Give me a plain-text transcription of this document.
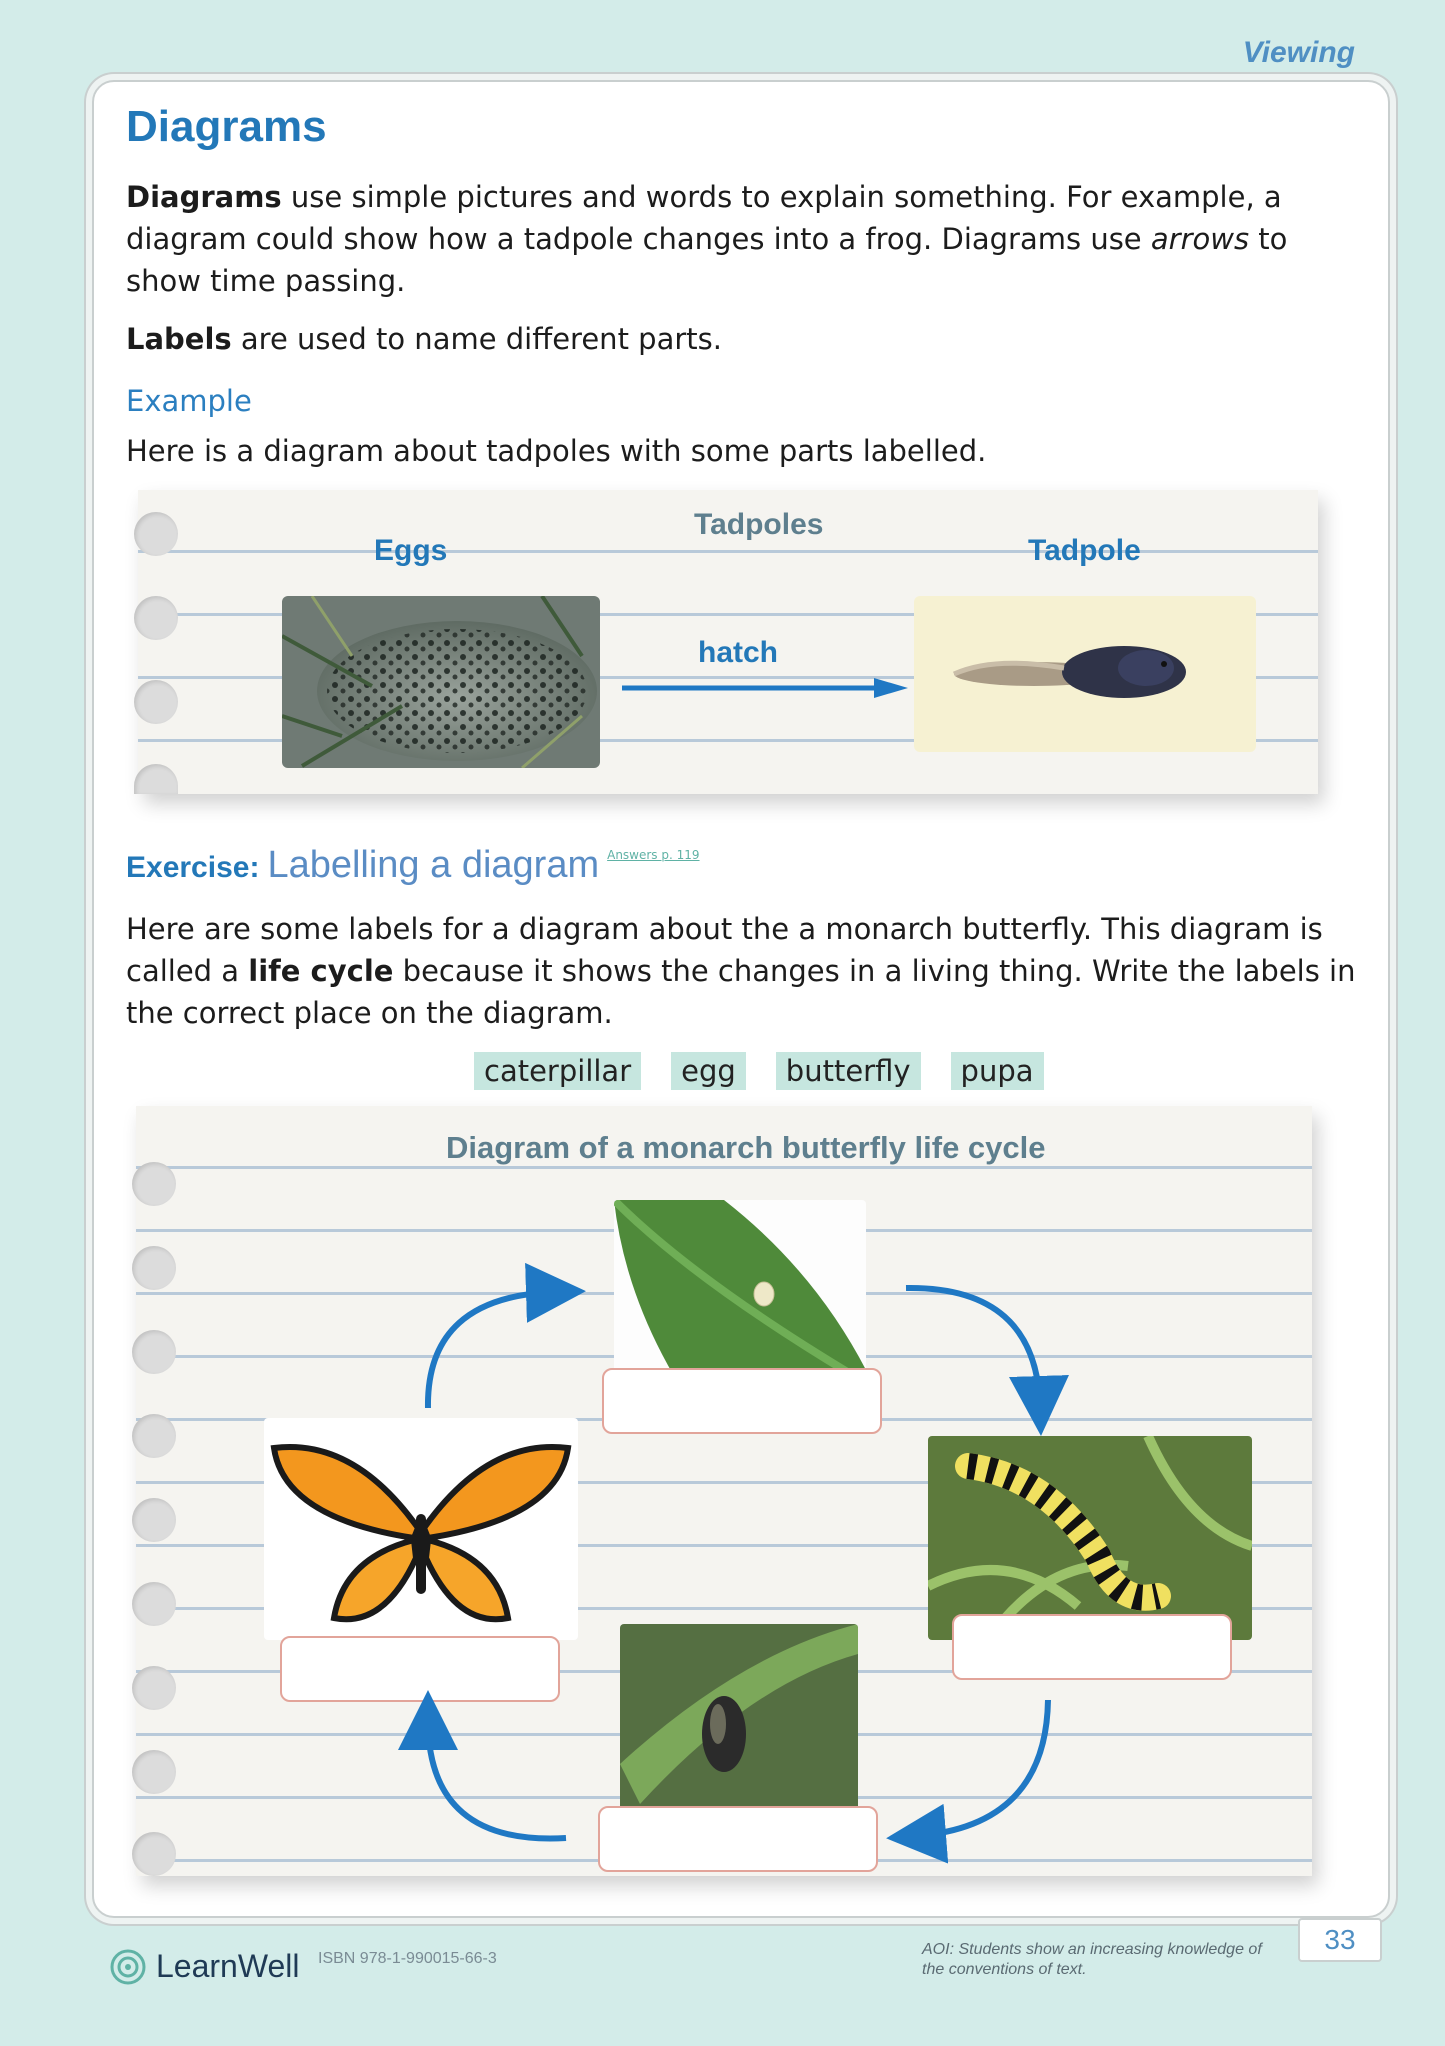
Viewing
Diagrams

Diagrams use simple pictures and words to explain something. For example, a diagram could show how a tadpole changes into a frog. Diagrams use arrows to show time passing.

Labels are used to name different parts.

Example

Here is a diagram about tadpoles with some parts labelled.

Tadpoles
Eggs	Tadpole
hatch
Exercise: Labelling a diagram Answers p. 119

Here are some labels for a diagram about the a monarch butterfly. This diagram is called a life cycle because it shows the changes in a living thing. Write the labels in the correct place on the diagram.

caterpillar	egg	butterfly	pupa
Diagram of a monarch butterfly life cycle
LearnWell ISBN 978-1-990015-66-3
AOI: Students show an increasing knowledge of the conventions of text.
33
